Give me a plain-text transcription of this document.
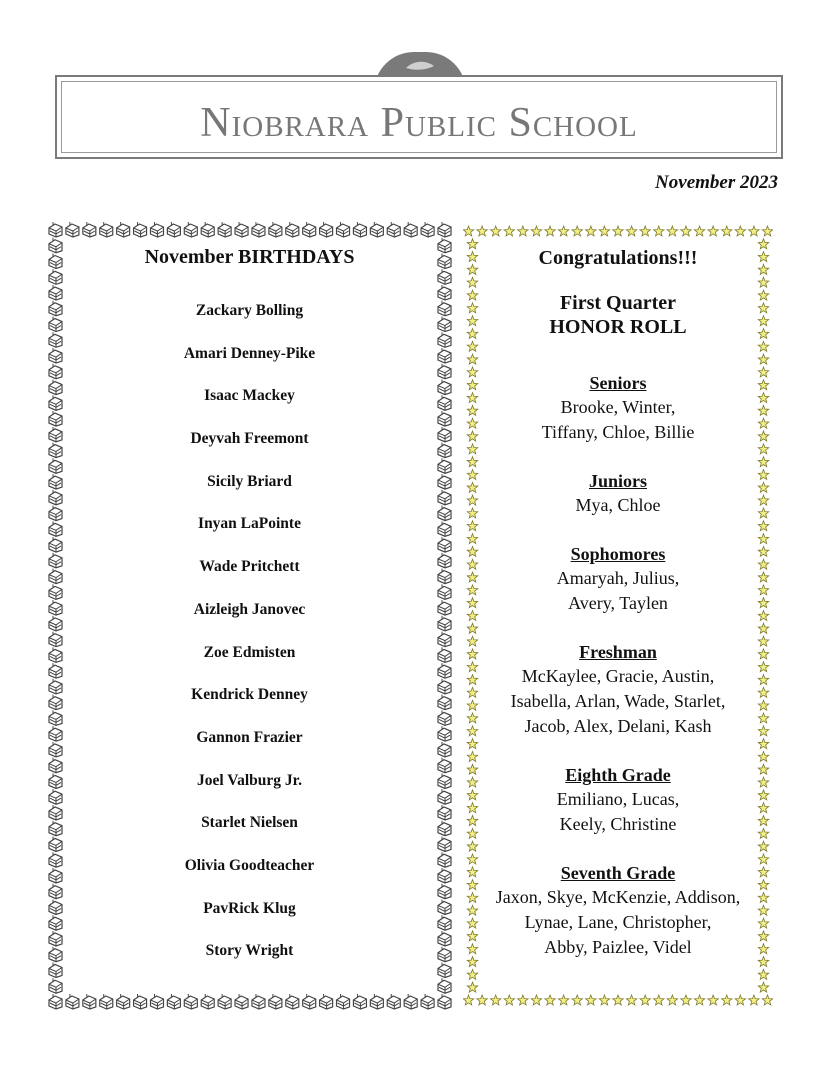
Niobrara Public School
November 2023
November BIRTHDAYS
Zackary Bolling
Amari Denney-Pike
Isaac Mackey
Deyvah Freemont
Sicily Briard
Inyan LaPointe
Wade Pritchett
Aizleigh Janovec
Zoe Edmisten
Kendrick Denney
Gannon Frazier
Joel Valburg Jr.
Starlet Nielsen
Olivia Goodteacher
PavRick Klug
Story Wright

Congratulations!!!

First Quarter

HONOR ROLL

Seniors

Brooke, Winter,

Tiffany, Chloe, Billie

Juniors

Mya, Chloe

Sophomores

Amaryah, Julius,

Avery, Taylen

Freshman

McKaylee, Gracie, Austin,

Isabella, Arlan, Wade, Starlet,

Jacob, Alex, Delani, Kash

Eighth Grade

Emiliano, Lucas,

Keely, Christine

Seventh Grade

Jaxon, Skye, McKenzie, Addison,

Lynae, Lane, Christopher,

Abby, Paizlee, Videl
